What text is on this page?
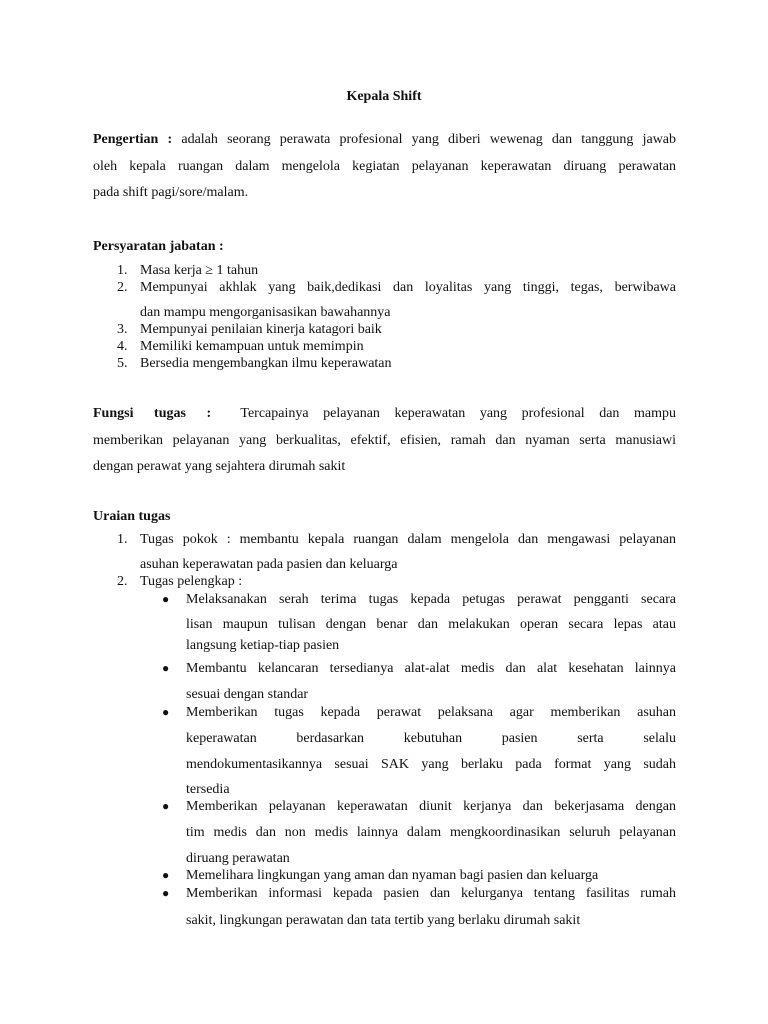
Kepala Shift
Pengertian : adalah seorang perawata profesional yang diberi wewenag dan tanggung jawab
oleh kepala ruangan dalam mengelola kegiatan pelayanan keperawatan diruang perawatan
pada shift pagi/sore/malam.
Persyaratan jabatan :
1. Masa kerja ≥ 1 tahun
2. Mempunyai akhlak yang baik,dedikasi dan loyalitas yang tinggi, tegas, berwibawa
dan mampu mengorganisasikan bawahannya
3. Mempunyai penilaian kinerja katagori baik
4. Memiliki kemampuan untuk memimpin
5. Bersedia mengembangkan ilmu keperawatan
Fungsi tugas : Tercapainya pelayanan keperawatan yang profesional dan mampu
memberikan pelayanan yang berkualitas, efektif, efisien, ramah dan nyaman serta manusiawi
dengan perawat yang sejahtera dirumah sakit
Uraian tugas
1. Tugas pokok : membantu kepala ruangan dalam mengelola dan mengawasi pelayanan
asuhan keperawatan pada pasien dan keluarga
2. Tugas pelengkap :
● Melaksanakan serah terima tugas kepada petugas perawat pengganti secara
lisan maupun tulisan dengan benar dan melakukan operan secara lepas atau
langsung ketiap-tiap pasien
● Membantu kelancaran tersedianya alat-alat medis dan alat kesehatan lainnya
sesuai dengan standar
● Memberikan tugas kepada perawat pelaksana agar memberikan asuhan
keperawatan berdasarkan kebutuhan pasien serta selalu
mendokumentasikannya sesuai SAK yang berlaku pada format yang sudah
tersedia
● Memberikan pelayanan keperawatan diunit kerjanya dan bekerjasama dengan
tim medis dan non medis lainnya dalam mengkoordinasikan seluruh pelayanan
diruang perawatan
● Memelihara lingkungan yang aman dan nyaman bagi pasien dan keluarga
● Memberikan informasi kepada pasien dan kelurganya tentang fasilitas rumah
sakit, lingkungan perawatan dan tata tertib yang berlaku dirumah sakit
